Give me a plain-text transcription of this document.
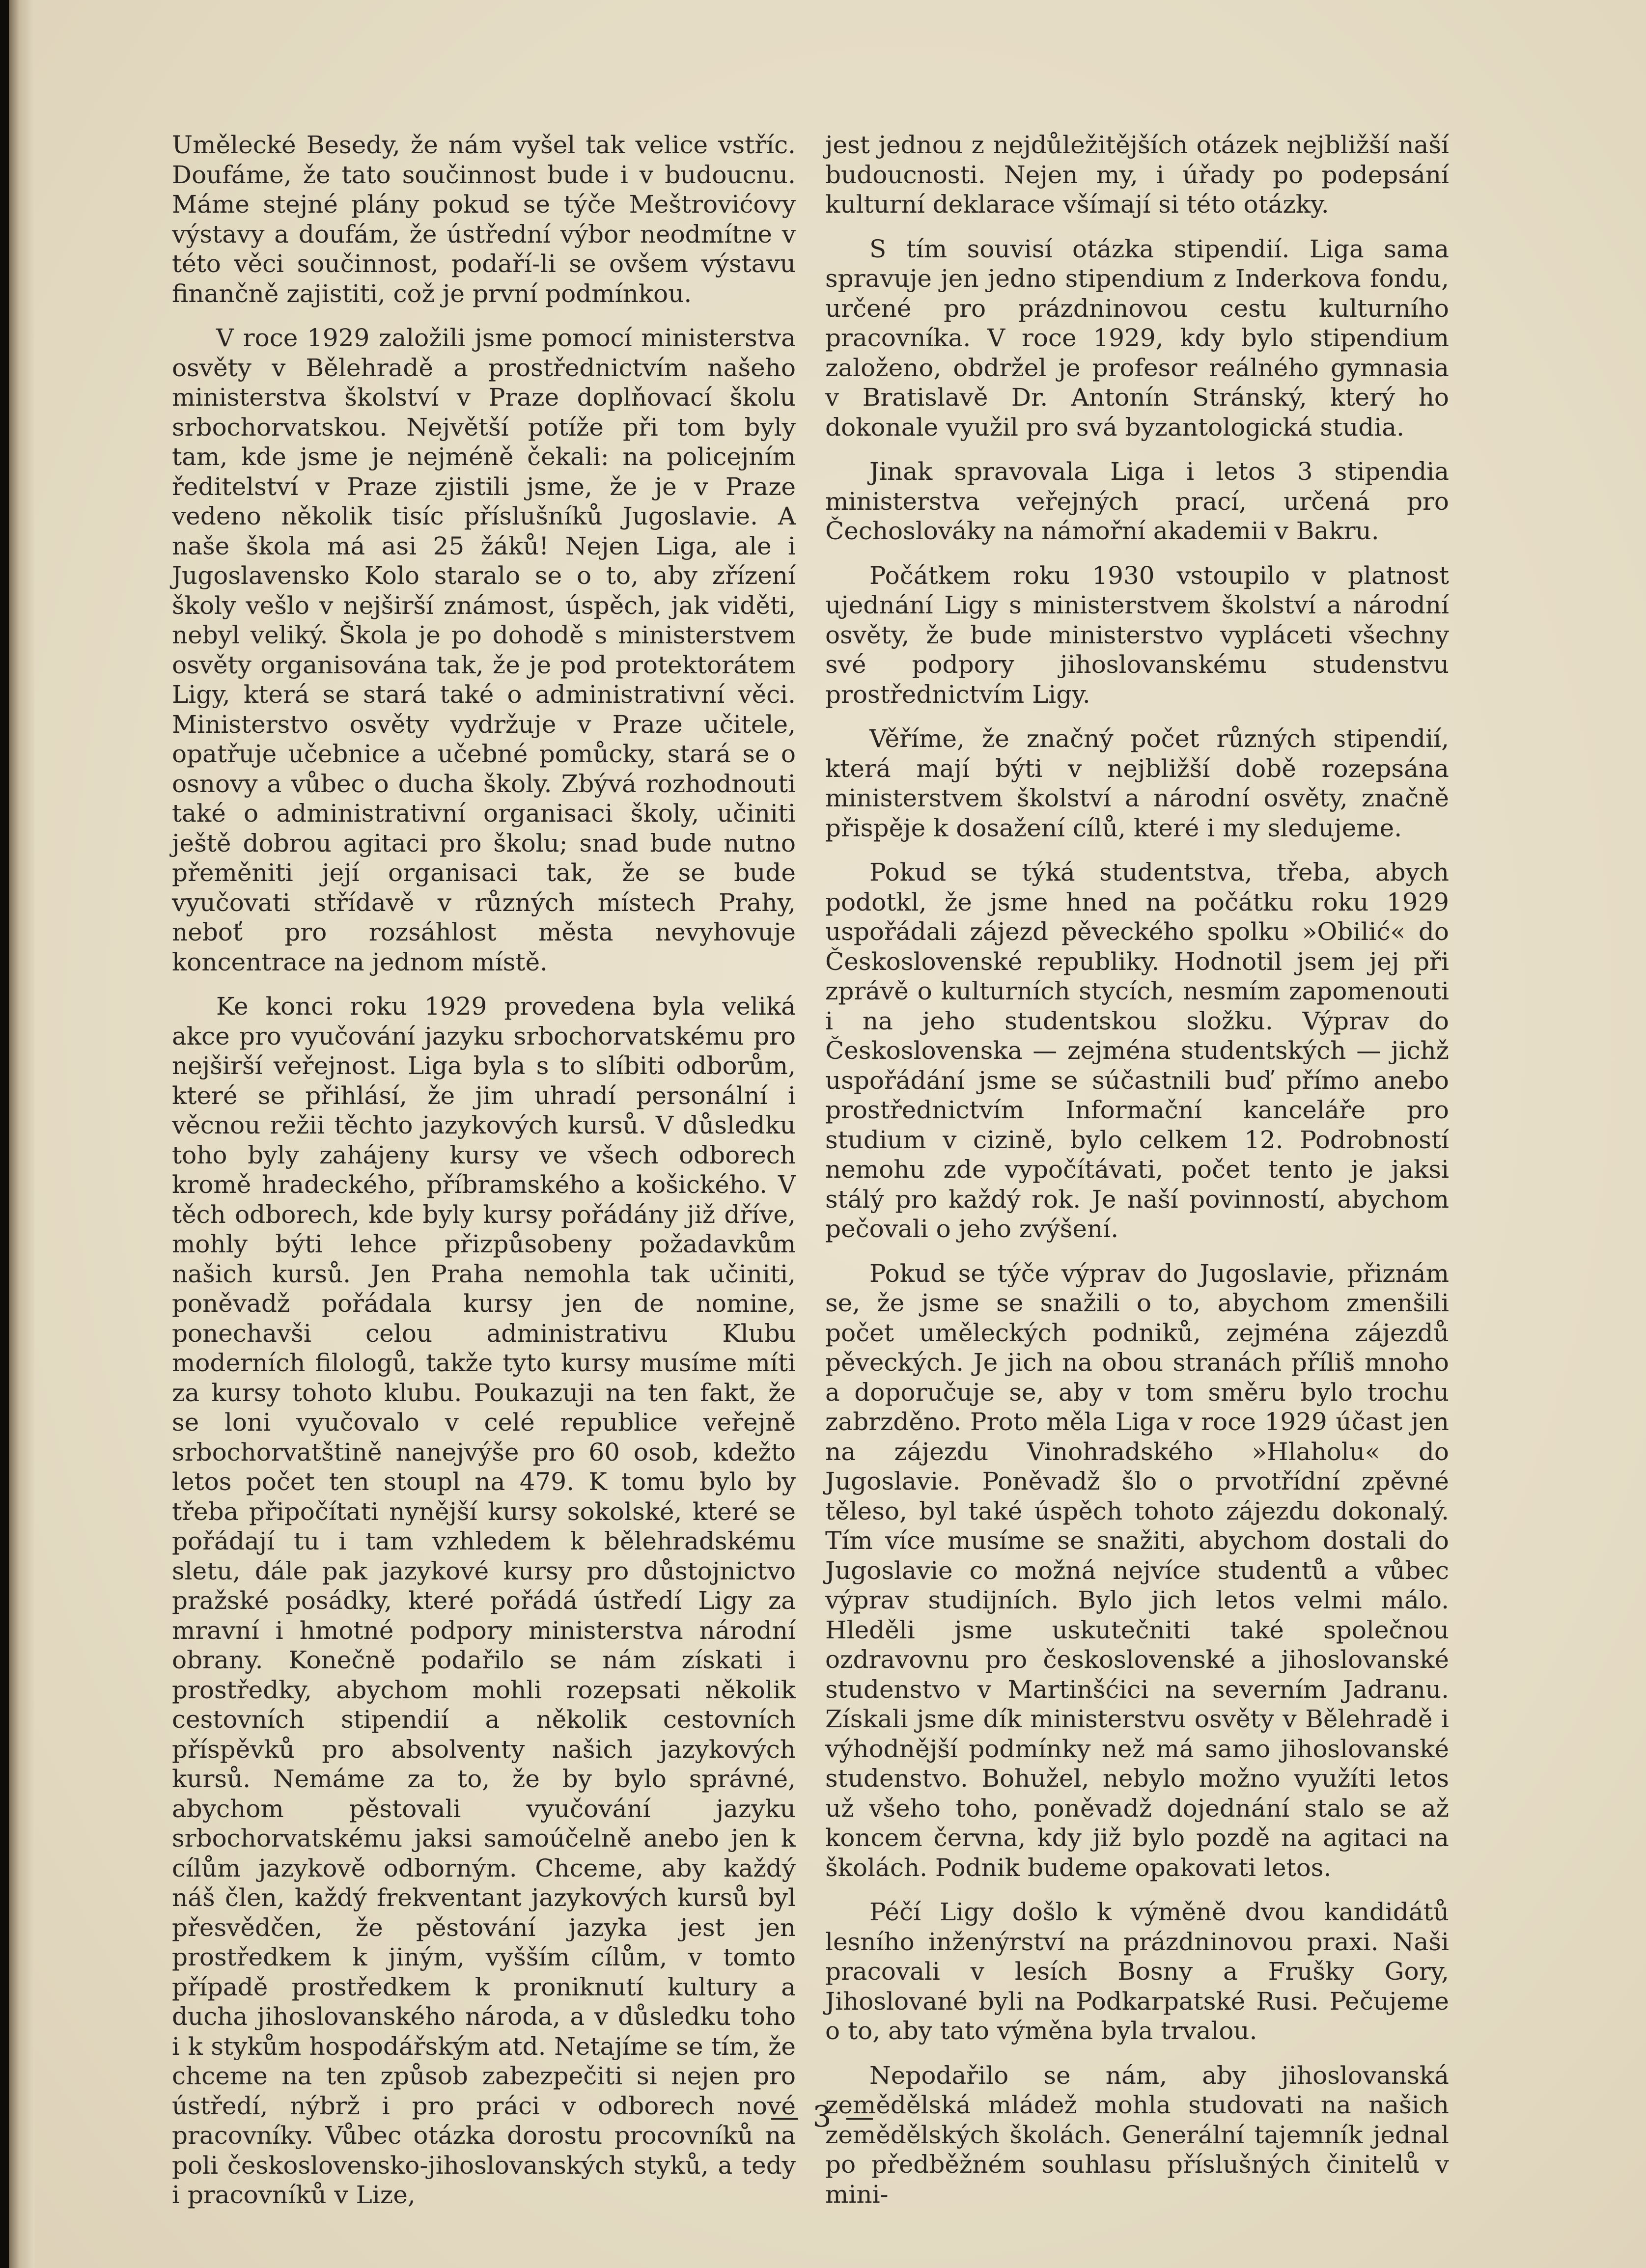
Umělecké Besedy, že nám vyšel tak velice vstříc. Doufáme, že tato součinnost bude i v budoucnu. Máme stejné plány pokud se týče Meštrovićovy výstavy a doufám, že ústřední výbor neodmítne v této věci součinnost, podaří-li se ovšem výstavu finančně zajistiti, což je první podmínkou.

V roce 1929 založili jsme pomocí ministerstva osvěty v Bělehradě a prostřednictvím našeho ministerstva školství v Praze doplňovací školu srbochorvatskou. Největší potíže při tom byly tam, kde jsme je nejméně čekali: na policejním ředitelství v Praze zjistili jsme, že je v Praze vedeno několik tisíc příslušníků Jugoslavie. A naše škola má asi 25 žáků! Nejen Liga, ale i Jugoslavensko Kolo staralo se o to, aby zřízení školy vešlo v nejširší známost, úspěch, jak viděti, nebyl veliký. Škola je po dohodě s ministerstvem osvěty organisována tak, že je pod protektorátem Ligy, která se stará také o administrativní věci. Ministerstvo osvěty vydržuje v Praze učitele, opatřuje učebnice a učebné pomůcky, stará se o osnovy a vůbec o ducha školy. Zbývá rozhodnouti také o administrativní organisaci školy, učiniti ještě dobrou agitaci pro školu; snad bude nutno přeměniti její organisaci tak, že se bude vyučovati střídavě v různých místech Prahy, neboť pro rozsáhlost města nevyhovuje koncentrace na jednom místě.

Ke konci roku 1929 provedena byla veliká akce pro vyučování jazyku srbochorvatskému pro nejširší veřejnost. Liga byla s to slíbiti odborům, které se přihlásí, že jim uhradí personální i věcnou režii těchto jazykových kursů. V důsledku toho byly zahájeny kursy ve všech odborech kromě hradeckého, příbramského a košického. V těch odborech, kde byly kursy pořádány již dříve, mohly býti lehce přizpůsobeny požadavkům našich kursů. Jen Praha nemohla tak učiniti, poněvadž pořádala kursy jen de nomine, ponechavši celou administrativu Klubu moderních filologů, takže tyto kursy musíme míti za kursy tohoto klubu. Poukazuji na ten fakt, že se loni vyučovalo v celé republice veřejně srbochorvatštině nanejvýše pro 60 osob, kdežto letos počet ten stoupl na 479. K tomu bylo by třeba připočítati nynější kursy sokolské, které se pořádají tu i tam vzhledem k bělehradskému sletu, dále pak jazykové kursy pro důstojnictvo pražské posádky, které pořádá ústředí Ligy za mravní i hmotné podpory ministerstva národní obrany. Konečně podařilo se nám získati i prostředky, abychom mohli rozepsati několik cestovních stipendií a několik cestovních příspěvků pro absolventy našich jazykových kursů. Nemáme za to, že by bylo správné, abychom pěstovali vyučování jazyku srbochorvatskému jaksi samoúčelně anebo jen k cílům jazykově odborným. Chceme, aby každý náš člen, každý frekventant jazykových kursů byl přesvědčen, že pěstování jazyka jest jen prostředkem k jiným, vyšším cílům, v tomto případě prostředkem k proniknutí kultury a ducha jihoslovanského národa, a v důsledku toho i k stykům hospodářským atd. Netajíme se tím, že chceme na ten způsob zabezpečiti si nejen pro ústředí, nýbrž i pro práci v odborech nové pracovníky. Vůbec otázka dorostu procovníků na poli československo-jihoslovanských styků, a tedy i pracovníků v Lize,

jest jednou z nejdůležitějších otázek nejbližší naší budoucnosti. Nejen my, i úřady po podepsání kulturní deklarace všímají si této otázky.

S tím souvisí otázka stipendií. Liga sama spravuje jen jedno stipendium z Inderkova fondu, určené pro prázdninovou cestu kulturního pracovníka. V roce 1929, kdy bylo stipendium založeno, obdržel je profesor reálného gymnasia v Bratislavě Dr. Antonín Stránský, který ho dokonale využil pro svá byzantologická studia.

Jinak spravovala Liga i letos 3 stipendia ministerstva veřejných prací, určená pro Čechoslováky na námořní akademii v Bakru.

Počátkem roku 1930 vstoupilo v platnost ujednání Ligy s ministerstvem školství a národní osvěty, že bude ministerstvo vypláceti všechny své podpory jihoslovanskému studenstvu prostřednictvím Ligy.

Věříme, že značný počet různých stipendií, která mají býti v nejbližší době rozepsána ministerstvem školství a národní osvěty, značně přispěje k dosažení cílů, které i my sledujeme.

Pokud se týká studentstva, třeba, abych podotkl, že jsme hned na počátku roku 1929 uspořádali zájezd pěveckého spolku »Obilić« do Československé republiky. Hodnotil jsem jej při zprávě o kulturních stycích, nesmím zapomenouti i na jeho studentskou složku. Výprav do Československa — zejména studentských — jichž uspořádání jsme se súčastnili buď přímo anebo prostřednictvím Informační kanceláře pro studium v cizině, bylo celkem 12. Podrobností nemohu zde vypočítávati, počet tento je jaksi stálý pro každý rok. Je naší povinností, abychom pečovali o jeho zvýšení.

Pokud se týče výprav do Jugoslavie, přiznám se, že jsme se snažili o to, abychom zmenšili počet uměleckých podniků, zejména zájezdů pěveckých. Je jich na obou stranách příliš mnoho a doporučuje se, aby v tom směru bylo trochu zabrzděno. Proto měla Liga v roce 1929 účast jen na zájezdu Vinohradského »Hlaholu« do Jugoslavie. Poněvadž šlo o prvotřídní zpěvné těleso, byl také úspěch tohoto zájezdu dokonalý. Tím více musíme se snažiti, abychom dostali do Jugoslavie co možná nejvíce studentů a vůbec výprav studijních. Bylo jich letos velmi málo. Hleděli jsme uskutečniti také společnou ozdravovnu pro československé a jihoslovanské studenstvo v Martinšćici na severním Jadranu. Získali jsme dík ministerstvu osvěty v Bělehradě i výhodnější podmínky než má samo jihoslovanské studenstvo. Bohužel, nebylo možno využíti letos už všeho toho, poněvadž dojednání stalo se až koncem června, kdy již bylo pozdě na agitaci na školách. Podnik budeme opakovati letos.

Péčí Ligy došlo k výměně dvou kandidátů lesního inženýrství na prázdninovou praxi. Naši pracovali v lesích Bosny a Frušky Gory, Jihoslované byli na Podkarpatské Rusi. Pečujeme o to, aby tato výměna byla trvalou.

Nepodařilo se nám, aby jihoslovanská zemědělská mládež mohla studovati na našich zemědělských školách. Generální tajemník jednal po předběžném souhlasu příslušných činitelů v mini-

— 3 —
